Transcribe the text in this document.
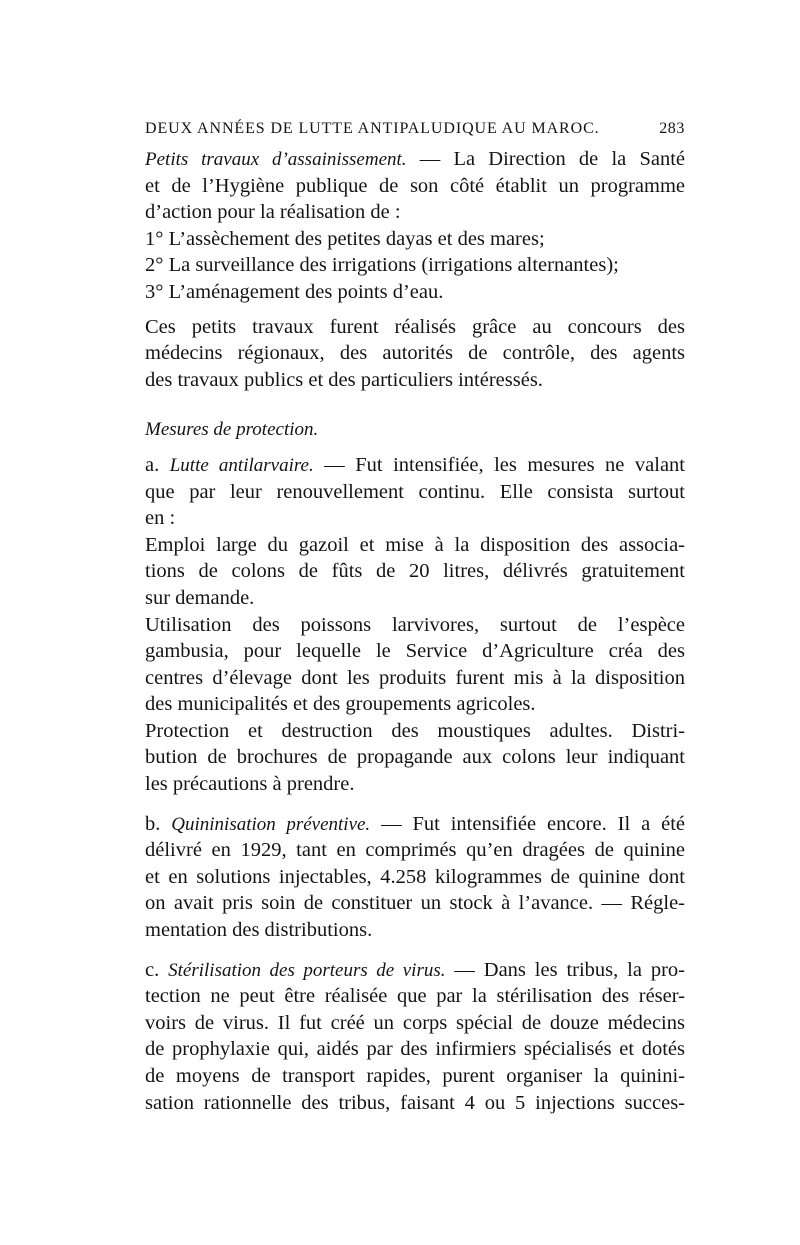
DEUX ANNÉES DE LUTTE ANTIPALUDIQUE AU MAROC.	283
Petits travaux d’assainissement. — La Direction de la Santé
et de l’Hygiène publique de son côté établit un programme
d’action pour la réalisation de :
1° L’assèchement des petites dayas et des mares;
2° La surveillance des irrigations (irrigations alternantes);
3° L’aménagement des points d’eau.
Ces petits travaux furent réalisés grâce au concours des
médecins régionaux, des autorités de contrôle, des agents
des travaux publics et des particuliers intéressés.
Mesures de protection.
a. Lutte antilarvaire. — Fut intensifiée, les mesures ne valant
que par leur renouvellement continu. Elle consista surtout
en :
Emploi large du gazoil et mise à la disposition des associa-
tions de colons de fûts de 20 litres, délivrés gratuitement
sur demande.
Utilisation des poissons larvivores, surtout de l’espèce
gambusia, pour lequelle le Service d’Agriculture créa des
centres d’élevage dont les produits furent mis à la disposition
des municipalités et des groupements agricoles.
Protection et destruction des moustiques adultes. Distri-
bution de brochures de propagande aux colons leur indiquant
les précautions à prendre.
b. Quininisation préventive. — Fut intensifiée encore. Il a été
délivré en 1929, tant en comprimés qu’en dragées de quinine
et en solutions injectables, 4.258 kilogrammes de quinine dont
on avait pris soin de constituer un stock à l’avance. — Régle-
mentation des distributions.
c. Stérilisation des porteurs de virus. — Dans les tribus, la pro-
tection ne peut être réalisée que par la stérilisation des réser-
voirs de virus. Il fut créé un corps spécial de douze médecins
de prophylaxie qui, aidés par des infirmiers spécialisés et dotés
de moyens de transport rapides, purent organiser la quinini-
sation rationnelle des tribus, faisant 4 ou 5 injections succes-
